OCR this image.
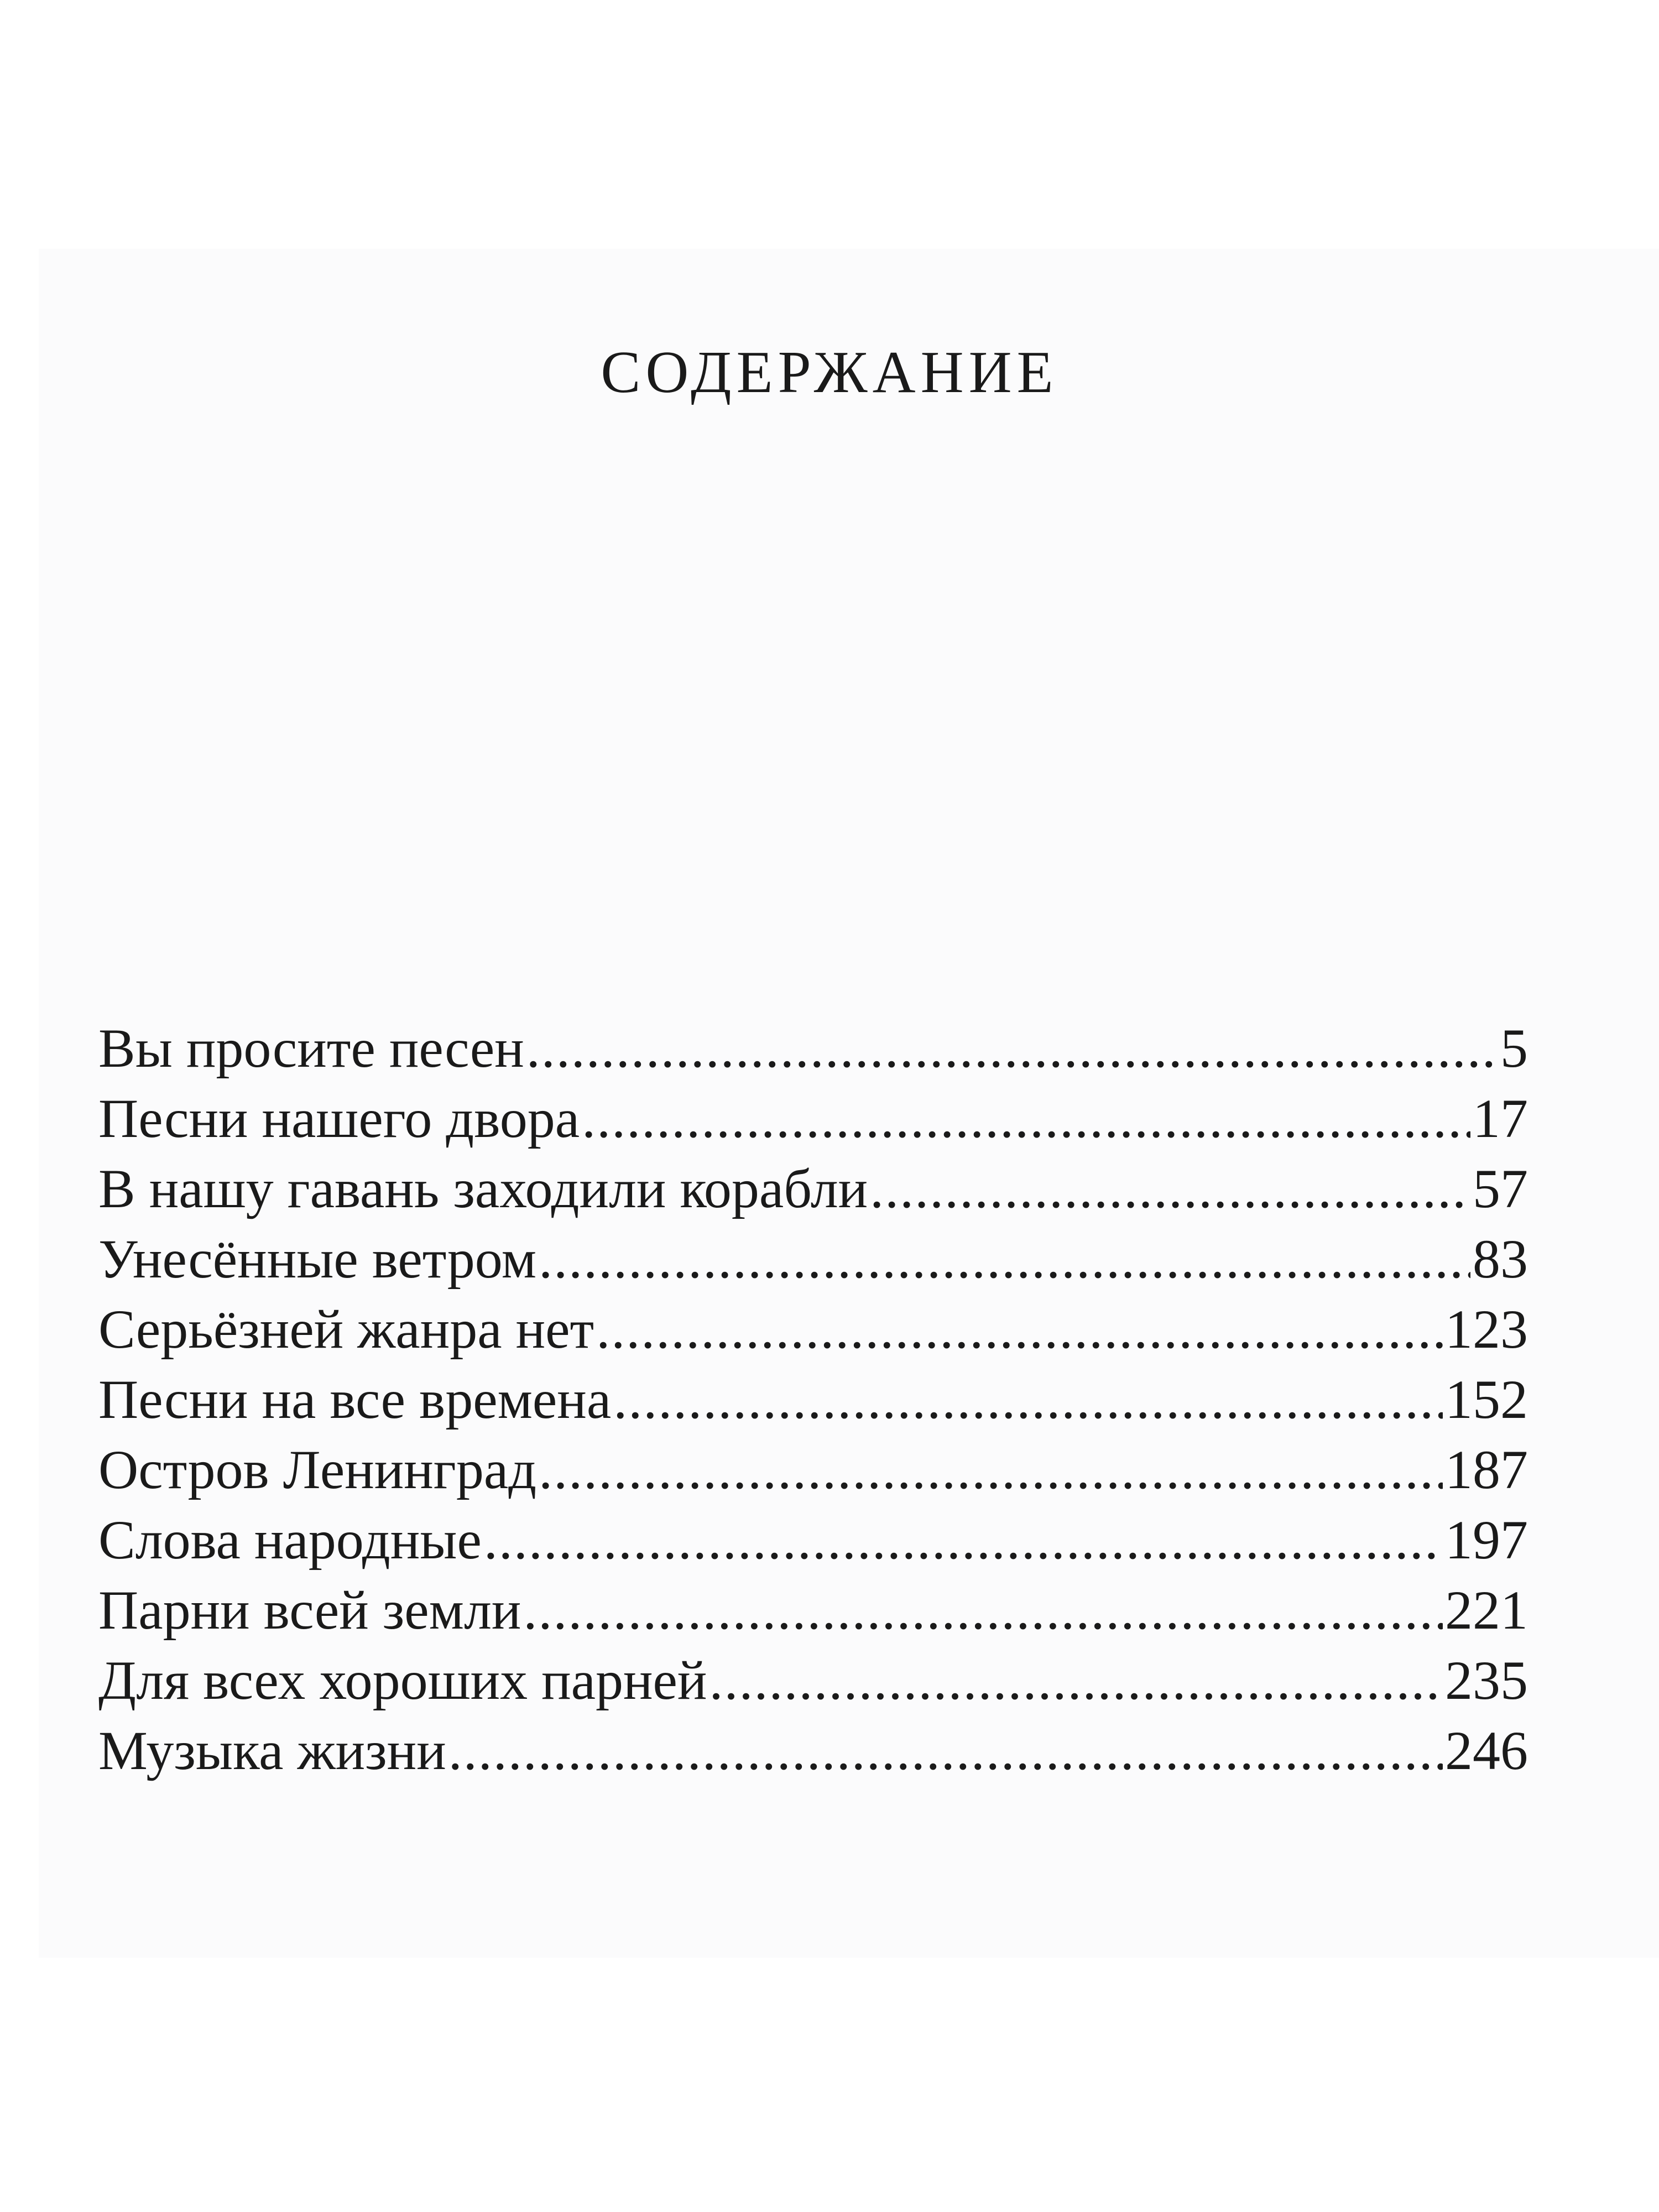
СОДЕРЖАНИЕ
Вы просите песен .....	5
Песни нашего двора .....	17
В нашу гавань заходили корабли .....	57
Унесённые ветром .....	83
Серьёзней жанра нет .....	123
Песни на все времена .....	152
Остров Ленинград .....	187
Слова народные .....	197
Парни всей земли .....	221
Для всех хороших парней .....	235
Музыка жизни .....	246
